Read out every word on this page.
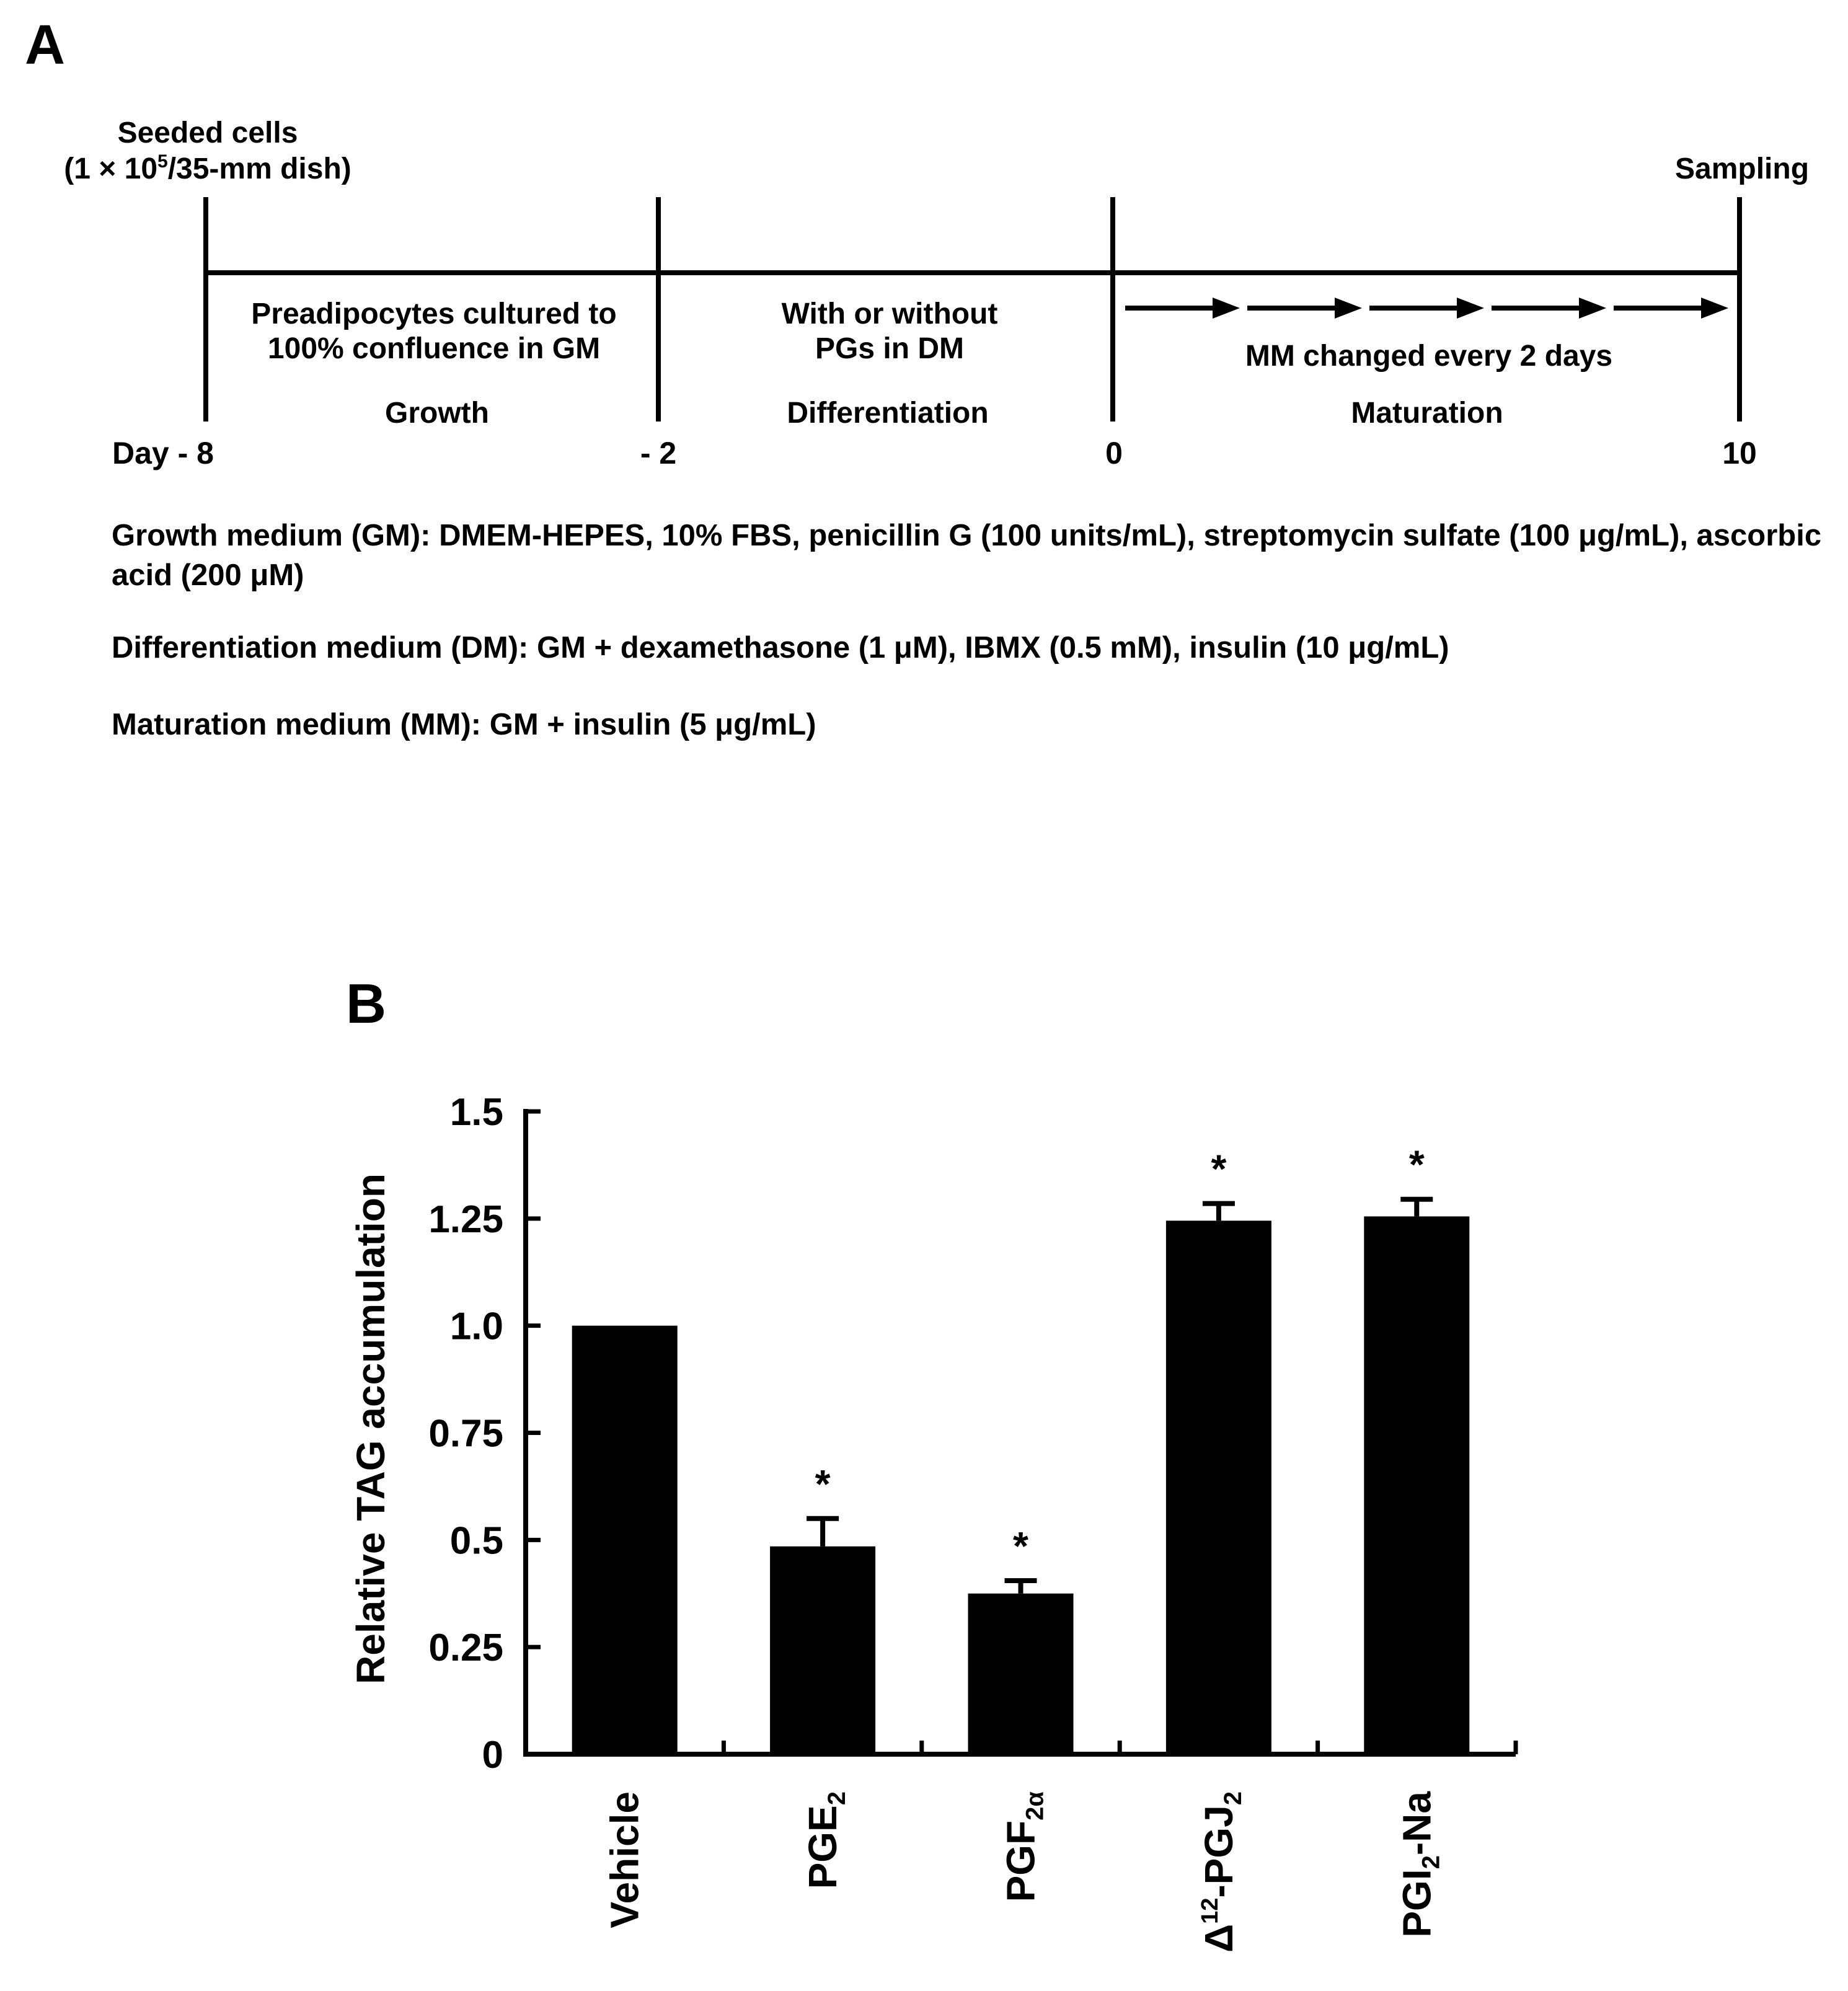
A
Seeded cells
($1 \times 10^5/35-mm$ dish)	Sampling
Preadipocytes cultured to
100% confluence in GM
Growth
With or without
PGs in DM
Differentiation
MM changed every 2 days
Maturation
Day - 8	- 2	0	10
B
Relative TAG accumulation
0
0.25
0.5
0.75
1.0
1.25
1.5
Vehicle
*
$PGE_2$
*
$PGF_{2\alpha}$
*
$\Delta^{12}-PGJ_2$
*
$PGI_2-Na$
Growth medium (GM): DMEM-HEPES, 10% FBS, penicillin G (100 units/mL), streptomycin sulfate (100 μg/mL), ascorbic acid (200 μM)
Differentiation medium (DM): GM + dexamethasone (1 μM), IBMX (0.5 mM), insulin (10 μg/mL)
Maturation medium (MM): GM + insulin (5 μg/mL)
